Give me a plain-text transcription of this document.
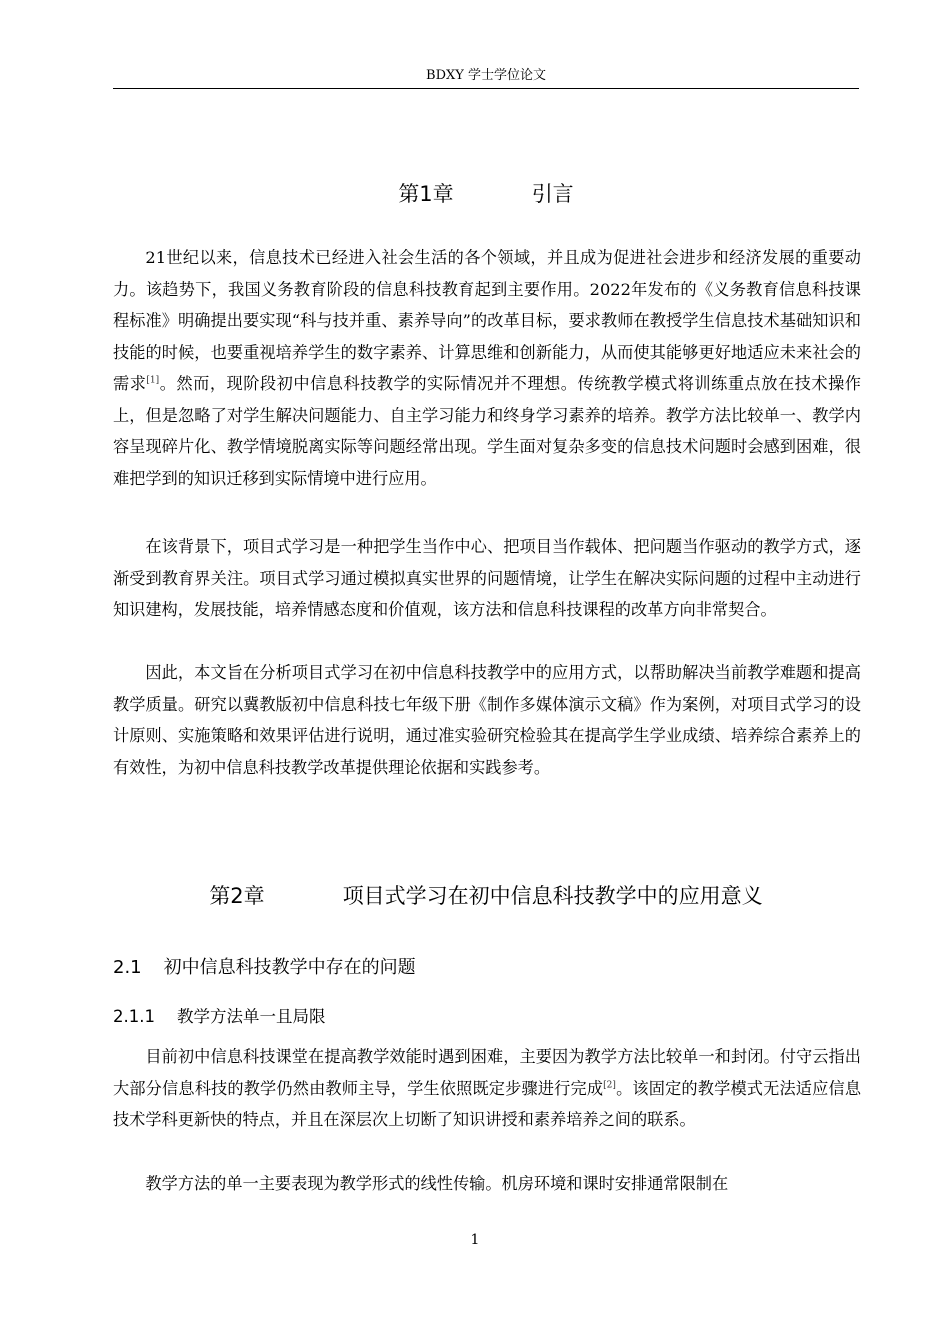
BDXY 学士学位论文
第1章	引言

21世纪以来，信息技术已经进入社会生活的各个领域，并且成为促进社会进步和经济发展的重要动力。该趋势下，我国义务教育阶段的信息科技教育起到主要作用。2022年发布的《义务教育信息科技课程标准》明确提出要实现“科与技并重、素养导向”的改革目标，要求教师在教授学生信息技术基础知识和技能的时候，也要重视培养学生的数字素养、计算思维和创新能力，从而使其能够更好地适应未来社会的需求[1]。然而，现阶段初中信息科技教学的实际情况并不理想。传统教学模式将训练重点放在技术操作上，但是忽略了对学生解决问题能力、自主学习能力和终身学习素养的培养。教学方法比较单一、教学内容呈现碎片化、教学情境脱离实际等问题经常出现。学生面对复杂多变的信息技术问题时会感到困难，很难把学到的知识迁移到实际情境中进行应用。

在该背景下，项目式学习是一种把学生当作中心、把项目当作载体、把问题当作驱动的教学方式，逐渐受到教育界关注。项目式学习通过模拟真实世界的问题情境，让学生在解决实际问题的过程中主动进行知识建构，发展技能，培养情感态度和价值观，该方法和信息科技课程的改革方向非常契合。

因此，本文旨在分析项目式学习在初中信息科技教学中的应用方式，以帮助解决当前教学难题和提高教学质量。研究以冀教版初中信息科技七年级下册《制作多媒体演示文稿》作为案例，对项目式学习的设计原则、实施策略和效果评估进行说明，通过准实验研究检验其在提高学生学业成绩、培养综合素养上的有效性，为初中信息科技教学改革提供理论依据和实践参考。

第2章	项目式学习在初中信息科技教学中的应用意义
2.1 初中信息科技教学中存在的问题
2.1.1 教学方法单一且局限

目前初中信息科技课堂在提高教学效能时遇到困难，主要因为教学方法比较单一和封闭。付守云指出大部分信息科技的教学仍然由教师主导，学生依照既定步骤进行完成[2]。该固定的教学模式无法适应信息技术学科更新快的特点，并且在深层次上切断了知识讲授和素养培养之间的联系。

教学方法的单一主要表现为教学形式的线性传输。机房环境和课时安排通常限制在

1
